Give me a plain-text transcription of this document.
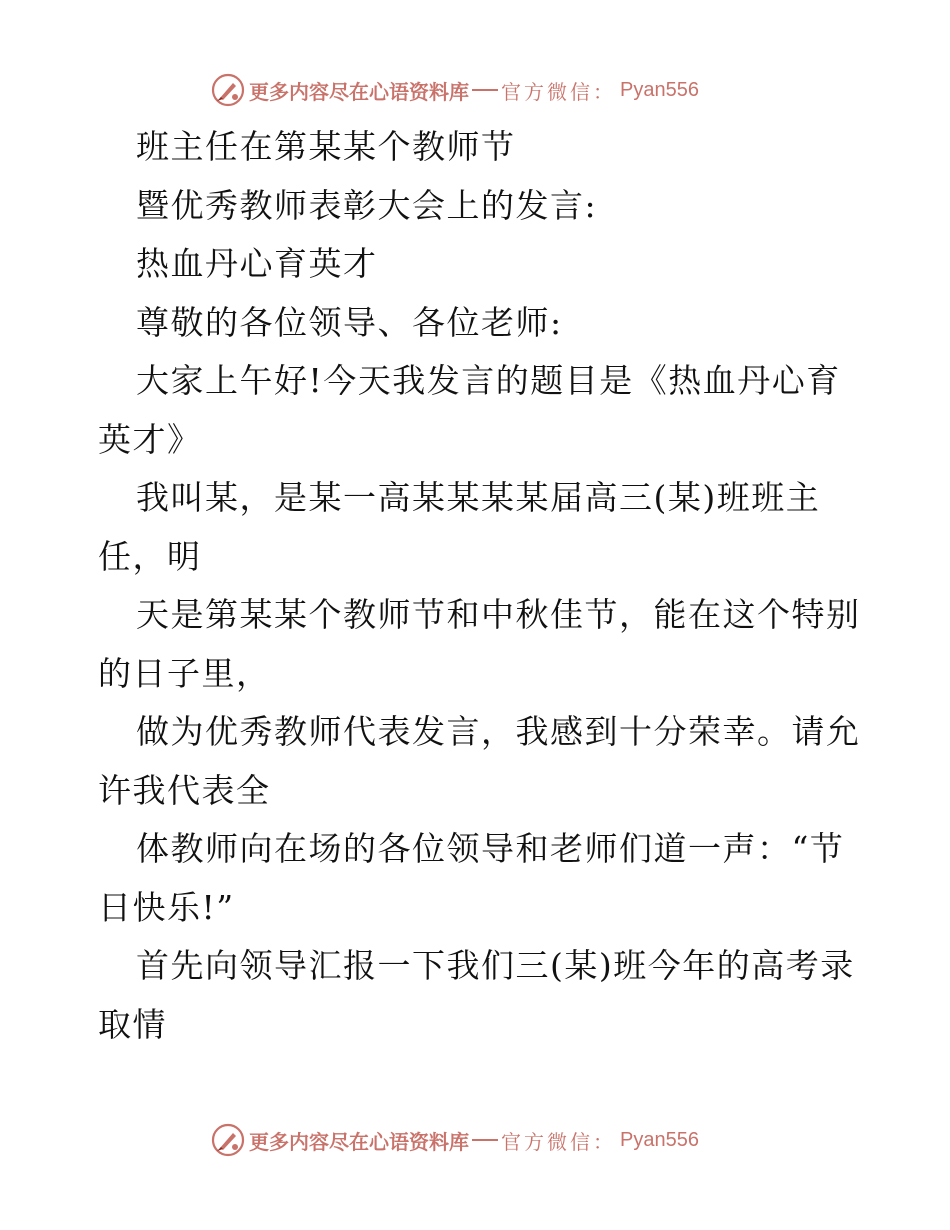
更多内容尽在心语资料库 官方微信： Pyan556
班主任在第某某个教师节
暨优秀教师表彰大会上的发言:
热血丹心育英才
尊敬的各位领导、各位老师:
大家上午好!今天我发言的题目是《热血丹心育
英才》
我叫某，是某一高某某某某届高三(某)班班主
任，明
天是第某某个教师节和中秋佳节，能在这个特别
的日子里，
做为优秀教师代表发言，我感到十分荣幸。请允
许我代表全
体教师向在场的各位领导和老师们道一声：“节
日快乐!”
首先向领导汇报一下我们三(某)班今年的高考录
取情
更多内容尽在心语资料库 官方微信： Pyan556
